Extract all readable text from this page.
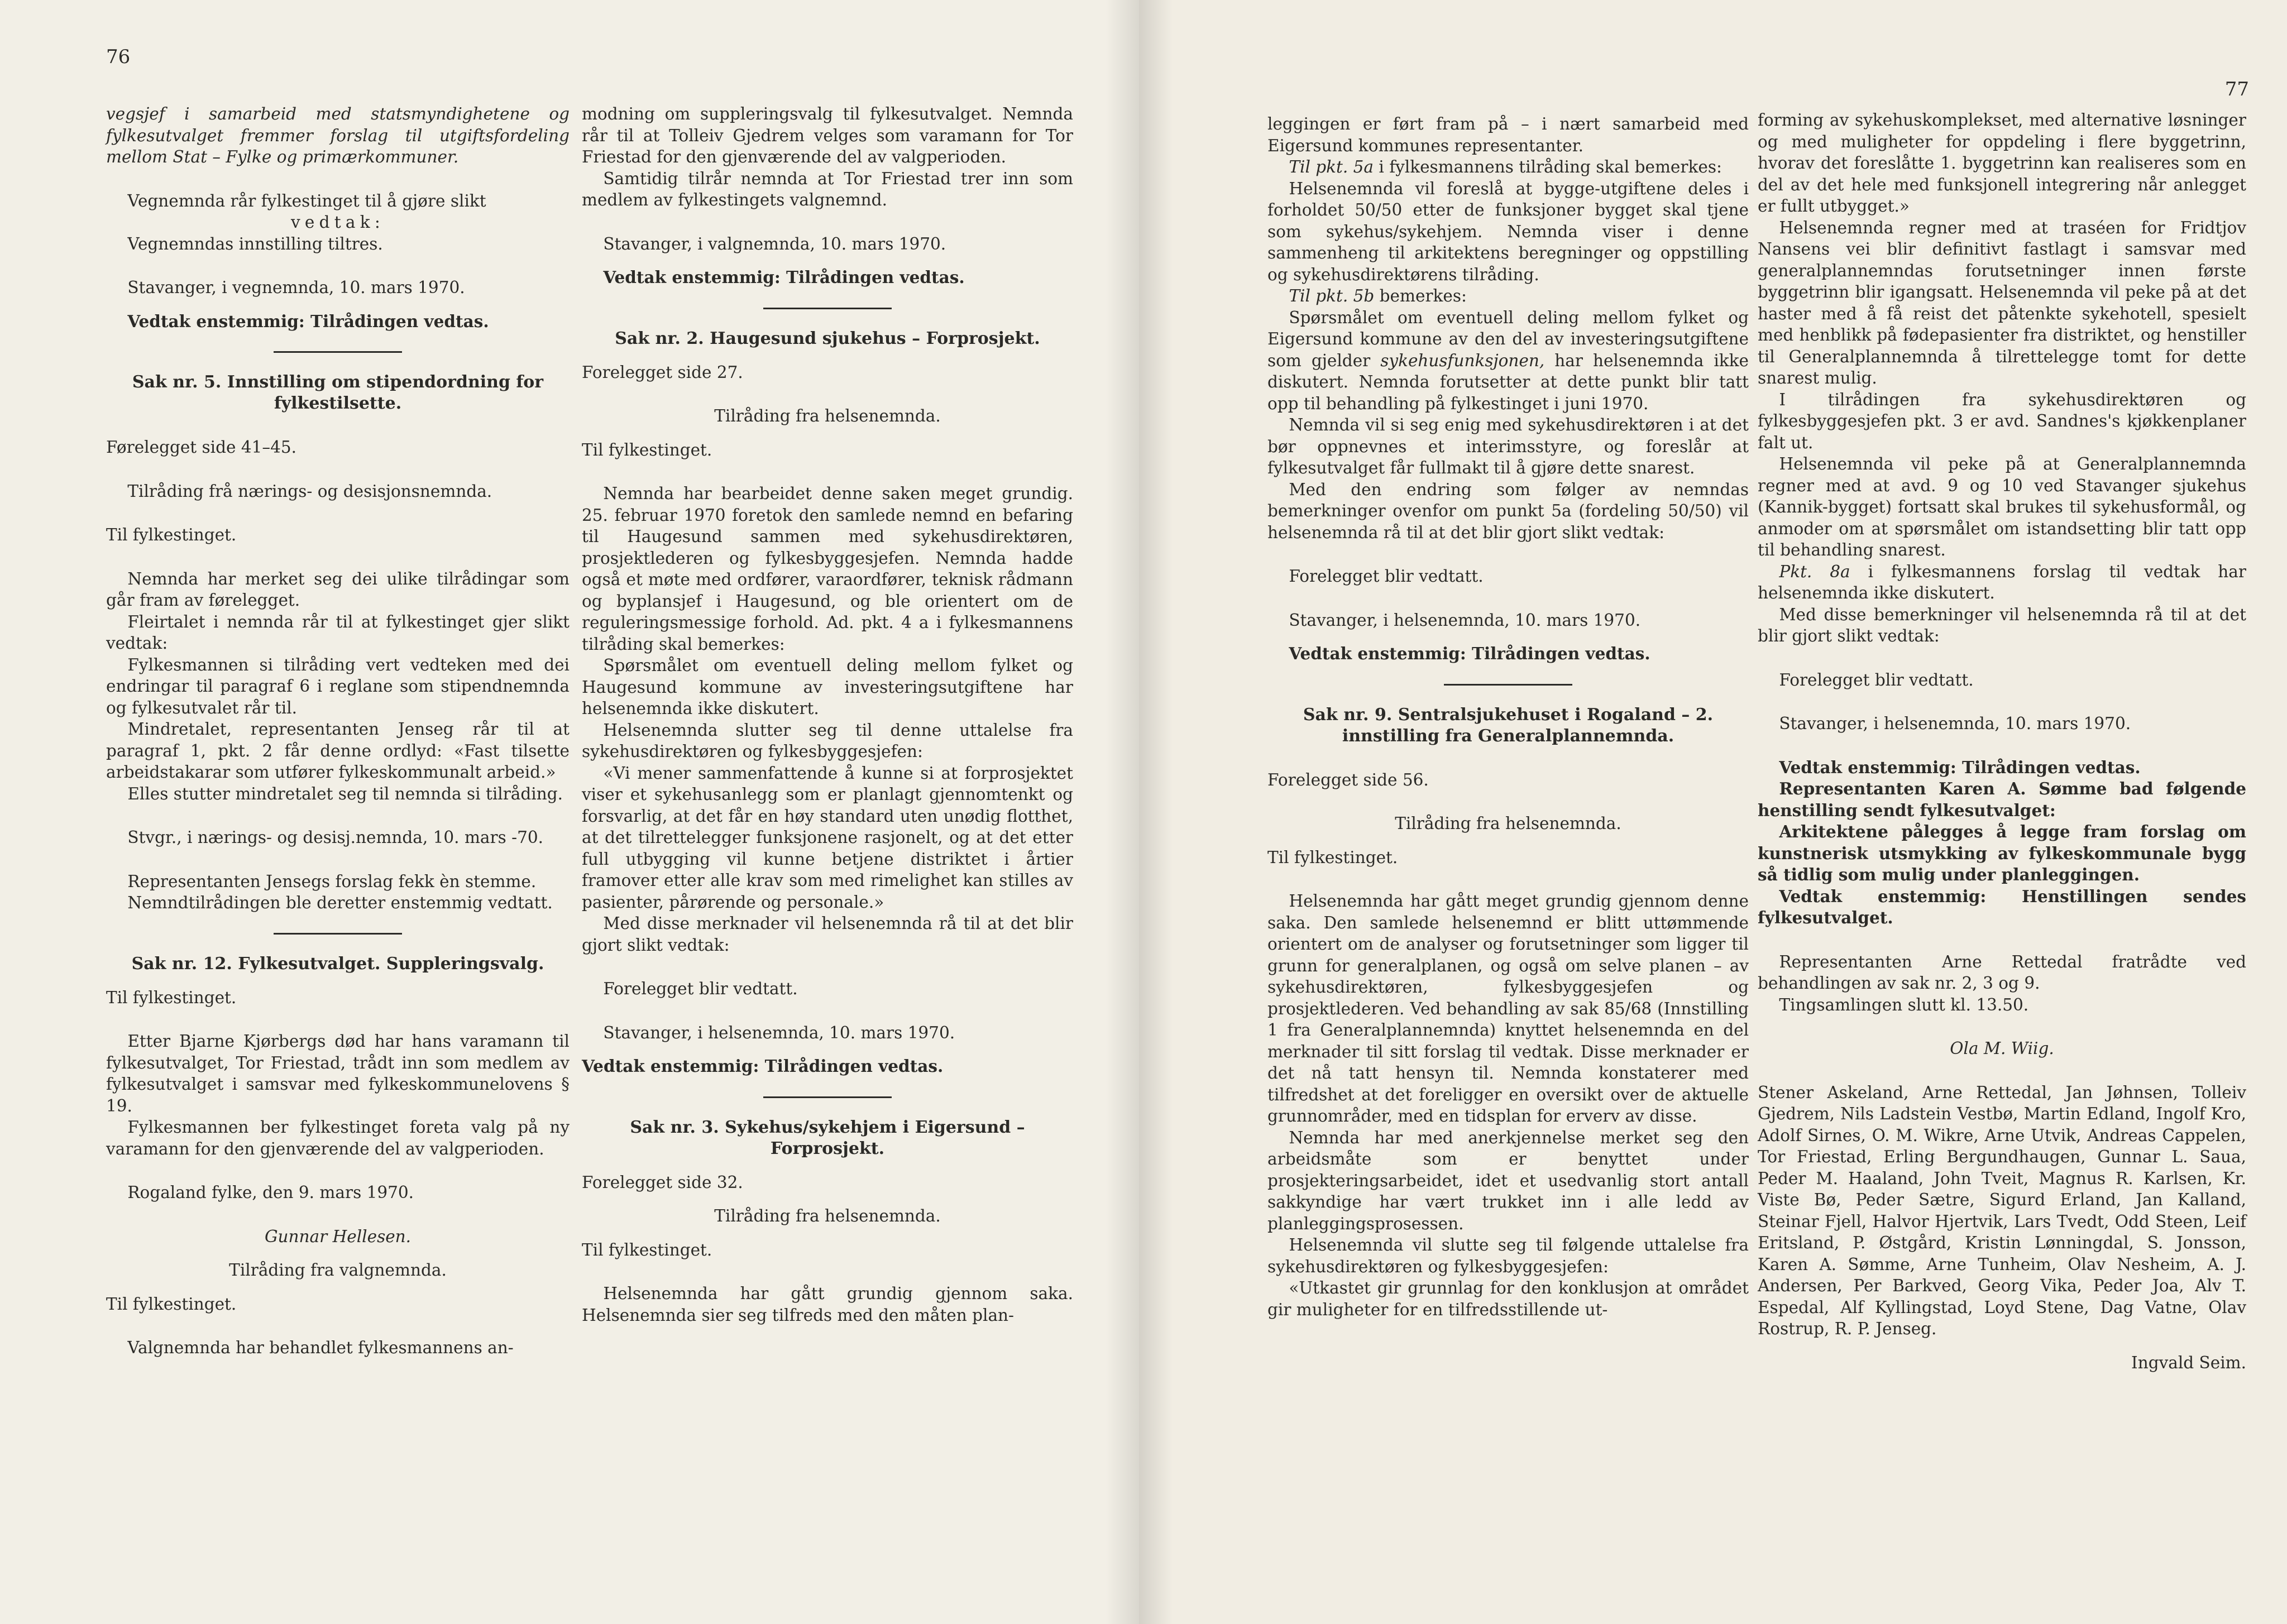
76

vegsjef i samarbeid med statsmyndighetene og fylkesutvalget fremmer forslag til utgiftsfordeling mellom Stat – Fylke og primærkommuner.

Vegnemnda rår fylkestinget til å gjøre slikt

vedtak:

Vegnemndas innstilling tiltres.

Stavanger, i vegnemnda, 10. mars 1970.

Vedtak enstemmig: Tilrådingen vedtas.

Sak nr. 5. Innstilling om stipendordning for fylkestilsette.

Førelegget side 41–45.

Tilråding frå nærings- og desisjonsnemnda.

Til fylkestinget.

Nemnda har merket seg dei ulike tilrådingar som går fram av førelegget.

Fleirtalet i nemnda rår til at fylkestinget gjer slikt vedtak:

Fylkesmannen si tilråding vert vedteken med dei endringar til paragraf 6 i reglane som stipendnemnda og fylkesutvalet rår til.

Mindretalet, representanten Jenseg rår til at paragraf 1, pkt. 2 får denne ordlyd: «Fast tilsette arbeidstakarar som utfører fylkeskommunalt arbeid.»

Elles stutter mindretalet seg til nemnda si tilråding.

Stvgr., i nærings- og desisj.nemnda, 10. mars -70.

Representanten Jensegs forslag fekk èn stemme.

Nemndtilrådingen ble deretter enstemmig vedtatt.

Sak nr. 12. Fylkesutvalget. Suppleringsvalg.

Til fylkestinget.

Etter Bjarne Kjørbergs død har hans varamann til fylkesutvalget, Tor Friestad, trådt inn som medlem av fylkesutvalget i samsvar med fylkeskommunelovens § 19.

Fylkesmannen ber fylkestinget foreta valg på ny varamann for den gjenværende del av valgperioden.

Rogaland fylke, den 9. mars 1970.

Gunnar Hellesen.

Tilråding fra valgnemnda.

Til fylkestinget.

Valgnemnda har behandlet fylkesmannens an-

modning om suppleringsvalg til fylkesutvalget. Nemnda rår til at Tolleiv Gjedrem velges som varamann for Tor Friestad for den gjenværende del av valgperioden.

Samtidig tilrår nemnda at Tor Friestad trer inn som medlem av fylkestingets valgnemnd.

Stavanger, i valgnemnda, 10. mars 1970.

Vedtak enstemmig: Tilrådingen vedtas.

Sak nr. 2. Haugesund sjukehus – Forprosjekt.

Forelegget side 27.

Tilråding fra helsenemnda.

Til fylkestinget.

Nemnda har bearbeidet denne saken meget grundig. 25. februar 1970 foretok den samlede nemnd en befaring til Haugesund sammen med sykehusdirektøren, prosjektlederen og fylkesbyggesjefen. Nemnda hadde også et møte med ordfører, varaordfører, teknisk rådmann og byplansjef i Haugesund, og ble orientert om de reguleringsmessige forhold. Ad. pkt. 4 a i fylkesmannens tilråding skal bemerkes:

Spørsmålet om eventuell deling mellom fylket og Haugesund kommune av investeringsutgiftene har helsenemnda ikke diskutert.

Helsenemnda slutter seg til denne uttalelse fra sykehusdirektøren og fylkesbyggesjefen:

«Vi mener sammenfattende å kunne si at forprosjektet viser et sykehusanlegg som er planlagt gjennomtenkt og forsvarlig, at det får en høy standard uten unødig flotthet, at det tilrettelegger funksjonene rasjonelt, og at det etter full utbygging vil kunne betjene distriktet i årtier framover etter alle krav som med rimelighet kan stilles av pasienter, pårørende og personale.»

Med disse merknader vil helsenemnda rå til at det blir gjort slikt vedtak:

Forelegget blir vedtatt.

Stavanger, i helsenemnda, 10. mars 1970.

Vedtak enstemmig: Tilrådingen vedtas.

Sak nr. 3. Sykehus/sykehjem i Eigersund – Forprosjekt.

Forelegget side 32.

Tilråding fra helsenemnda.

Til fylkestinget.

Helsenemnda har gått grundig gjennom saka. Helsenemnda sier seg tilfreds med den måten plan-

77

leggingen er ført fram på – i nært samarbeid med Eigersund kommunes representanter.

Til pkt. 5a i fylkesmannens tilråding skal bemerkes:

Helsenemnda vil foreslå at bygge-utgiftene deles i forholdet 50/50 etter de funksjoner bygget skal tjene som sykehus/sykehjem. Nemnda viser i denne sammenheng til arkitektens beregninger og oppstilling og sykehusdirektørens tilråding.

Til pkt. 5b bemerkes:

Spørsmålet om eventuell deling mellom fylket og Eigersund kommune av den del av investeringsutgiftene som gjelder sykehusfunksjonen, har helsenemnda ikke diskutert. Nemnda forutsetter at dette punkt blir tatt opp til behandling på fylkestinget i juni 1970.

Nemnda vil si seg enig med sykehusdirektøren i at det bør oppnevnes et interimsstyre, og foreslår at fylkesutvalget får fullmakt til å gjøre dette snarest.

Med den endring som følger av nemndas bemerkninger ovenfor om punkt 5a (fordeling 50/50) vil helsenemnda rå til at det blir gjort slikt vedtak:

Forelegget blir vedtatt.

Stavanger, i helsenemnda, 10. mars 1970.

Vedtak enstemmig: Tilrådingen vedtas.

Sak nr. 9. Sentralsjukehuset i Rogaland – 2. innstilling fra Generalplannemnda.

Forelegget side 56.

Tilråding fra helsenemnda.

Til fylkestinget.

Helsenemnda har gått meget grundig gjennom denne saka. Den samlede helsenemnd er blitt uttømmende orientert om de analyser og forutsetninger som ligger til grunn for generalplanen, og også om selve planen – av sykehusdirektøren, fylkesbyggesjefen og prosjektlederen. Ved behandling av sak 85/68 (Innstilling 1 fra Generalplannemnda) knyttet helsenemnda en del merknader til sitt forslag til vedtak. Disse merknader er det nå tatt hensyn til. Nemnda konstaterer med tilfredshet at det foreligger en oversikt over de aktuelle grunnområder, med en tidsplan for erverv av disse.

Nemnda har med anerkjennelse merket seg den arbeidsmåte som er benyttet under prosjekteringsarbeidet, idet et usedvanlig stort antall sakkyndige har vært trukket inn i alle ledd av planleggingsprosessen.

Helsenemnda vil slutte seg til følgende uttalelse fra sykehusdirektøren og fylkesbyggesjefen:

«Utkastet gir grunnlag for den konklusjon at området gir muligheter for en tilfredsstillende ut-

forming av sykehuskomplekset, med alternative løsninger og med muligheter for oppdeling i flere byggetrinn, hvorav det foreslåtte 1. byggetrinn kan realiseres som en del av det hele med funksjonell integrering når anlegget er fullt utbygget.»

Helsenemnda regner med at traséen for Fridtjov Nansens vei blir definitivt fastlagt i samsvar med generalplannemndas forutsetninger innen første byggetrinn blir igangsatt. Helsenemnda vil peke på at det haster med å få reist det påtenkte sykehotell, spesielt med henblikk på fødepasienter fra distriktet, og henstiller til Generalplannemnda å tilrettelegge tomt for dette snarest mulig.

I tilrådingen fra sykehusdirektøren og fylkesbyggesjefen pkt. 3 er avd. Sandnes's kjøkkenplaner falt ut.

Helsenemnda vil peke på at Generalplannemnda regner med at avd. 9 og 10 ved Stavanger sjukehus (Kannik-bygget) fortsatt skal brukes til sykehusformål, og anmoder om at spørsmålet om istandsetting blir tatt opp til behandling snarest.

Pkt. 8a i fylkesmannens forslag til vedtak har helsenemnda ikke diskutert.

Med disse bemerkninger vil helsenemnda rå til at det blir gjort slikt vedtak:

Forelegget blir vedtatt.

Stavanger, i helsenemnda, 10. mars 1970.

Vedtak enstemmig: Tilrådingen vedtas.

Representanten Karen A. Sømme bad følgende henstilling sendt fylkesutvalget:

Arkitektene pålegges å legge fram forslag om kunstnerisk utsmykking av fylkeskommunale bygg så tidlig som mulig under planleggingen.

Vedtak enstemmig: Henstillingen sendes fylkesutvalget.

Representanten Arne Rettedal fratrådte ved behandlingen av sak nr. 2, 3 og 9.

Tingsamlingen slutt kl. 13.50.

Ola M. Wiig.

Stener Askeland, Arne Rettedal, Jan Jøhnsen, Tolleiv Gjedrem, Nils Ladstein Vestbø, Martin Edland, Ingolf Kro, Adolf Sirnes, O. M. Wikre, Arne Utvik, Andreas Cappelen, Tor Friestad, Erling Bergundhaugen, Gunnar L. Saua, Peder M. Haaland, John Tveit, Magnus R. Karlsen, Kr. Viste Bø, Peder Sætre, Sigurd Erland, Jan Kalland, Steinar Fjell, Halvor Hjertvik, Lars Tvedt, Odd Steen, Leif Eritsland, P. Østgård, Kristin Lønningdal, S. Jonsson, Karen A. Sømme, Arne Tunheim, Olav Nesheim, A. J. Andersen, Per Barkved, Georg Vika, Peder Joa, Alv T. Espedal, Alf Kyllingstad, Loyd Stene, Dag Vatne, Olav Rostrup, R. P. Jenseg.

Ingvald Seim.
